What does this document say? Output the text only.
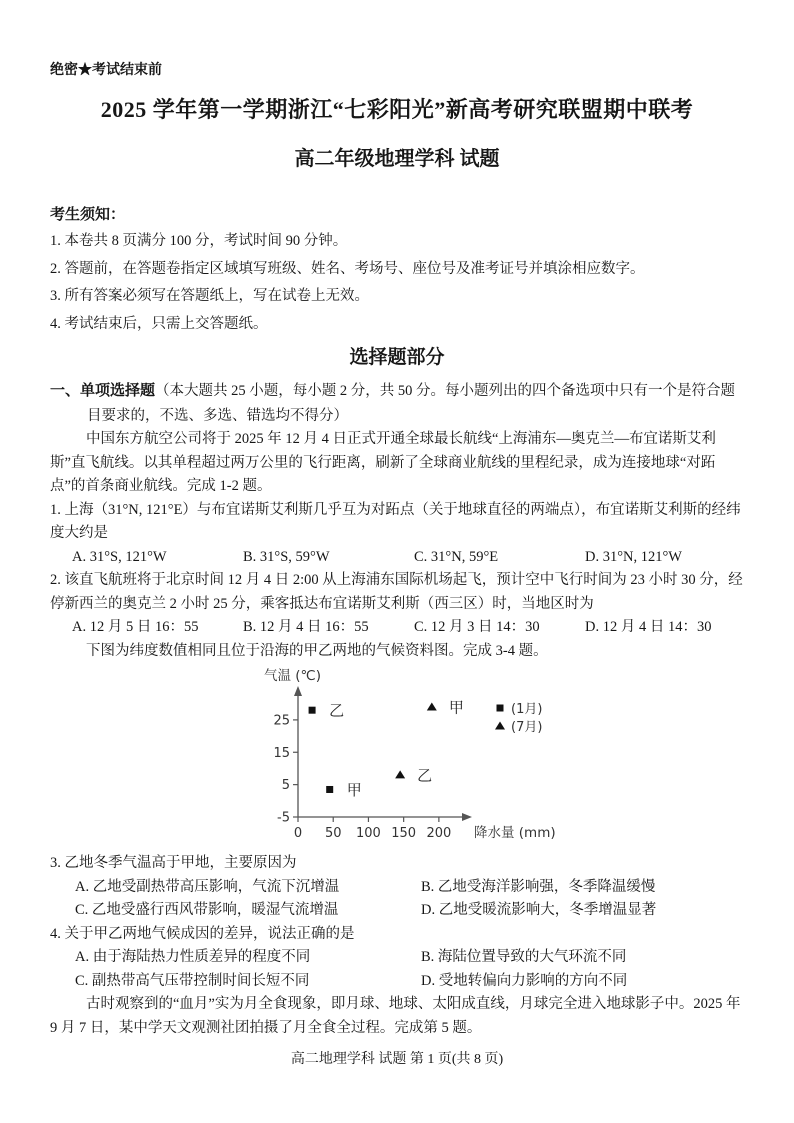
绝密★考试结束前
2025 学年第一学期浙江“七彩阳光”新高考研究联盟期中联考
高二年级地理学科 试题
考生须知：
1. 本卷共 8 页满分 100 分，考试时间 90 分钟。
2. 答题前，在答题卷指定区域填写班级、姓名、考场号、座位号及准考证号并填涂相应数字。
3. 所有答案必须写在答题纸上，写在试卷上无效。
4. 考试结束后，只需上交答题纸。
选择题部分
一、单项选择题（本大题共 25 小题，每小题 2 分，共 50 分。每小题列出的四个备选项中只有一个是符合题目要求的，不选、多选、错选均不得分）
中国东方航空公司将于 2025 年 12 月 4 日正式开通全球最长航线“上海浦东—奥克兰—布宜诺斯艾利斯”直飞航线。以其单程超过两万公里的飞行距离，刷新了全球商业航线的里程纪录，成为连接地球“对跖点”的首条商业航线。完成 1-2 题。
1. 上海（31°N, 121°E）与布宜诺斯艾利斯几乎互为对跖点（关于地球直径的两端点），布宜诺斯艾利斯的经纬度大约是
A. 31°S, 121°W	B. 31°S, 59°W	C. 31°N, 59°E	D. 31°N, 121°W
2. 该直飞航班将于北京时间 12 月 4 日 2:00 从上海浦东国际机场起飞，预计空中飞行时间为 23 小时 30 分，经停新西兰的奥克兰 2 小时 25 分，乘客抵达布宜诺斯艾利斯（西三区）时，当地区时为
A. 12 月 5 日 16：55	B. 12 月 4 日 16：55	C. 12 月 3 日 14：30	D. 12 月 4 日 14：30
下图为纬度数值相同且位于沿海的甲乙两地的气候资料图。完成 3-4 题。
-5
5
15
25
0 50 100 150 200
气温 (℃)
降水量 (mm)
乙
甲
乙
甲	(1月)
(7月)
3. 乙地冬季气温高于甲地，主要原因为
A. 乙地受副热带高压影响，气流下沉增温	B. 乙地受海洋影响强，冬季降温缓慢
C. 乙地受盛行西风带影响，暖湿气流增温	D. 乙地受暖流影响大，冬季增温显著
4. 关于甲乙两地气候成因的差异，说法正确的是
A. 由于海陆热力性质差异的程度不同	B. 海陆位置导致的大气环流不同
C. 副热带高气压带控制时间长短不同	D. 受地转偏向力影响的方向不同
古时观察到的“血月”实为月全食现象，即月球、地球、太阳成直线，月球完全进入地球影子中。2025 年 9 月 7 日，某中学天文观测社团拍摄了月全食全过程。完成第 5 题。
高二地理学科 试题 第 1 页(共 8 页)
